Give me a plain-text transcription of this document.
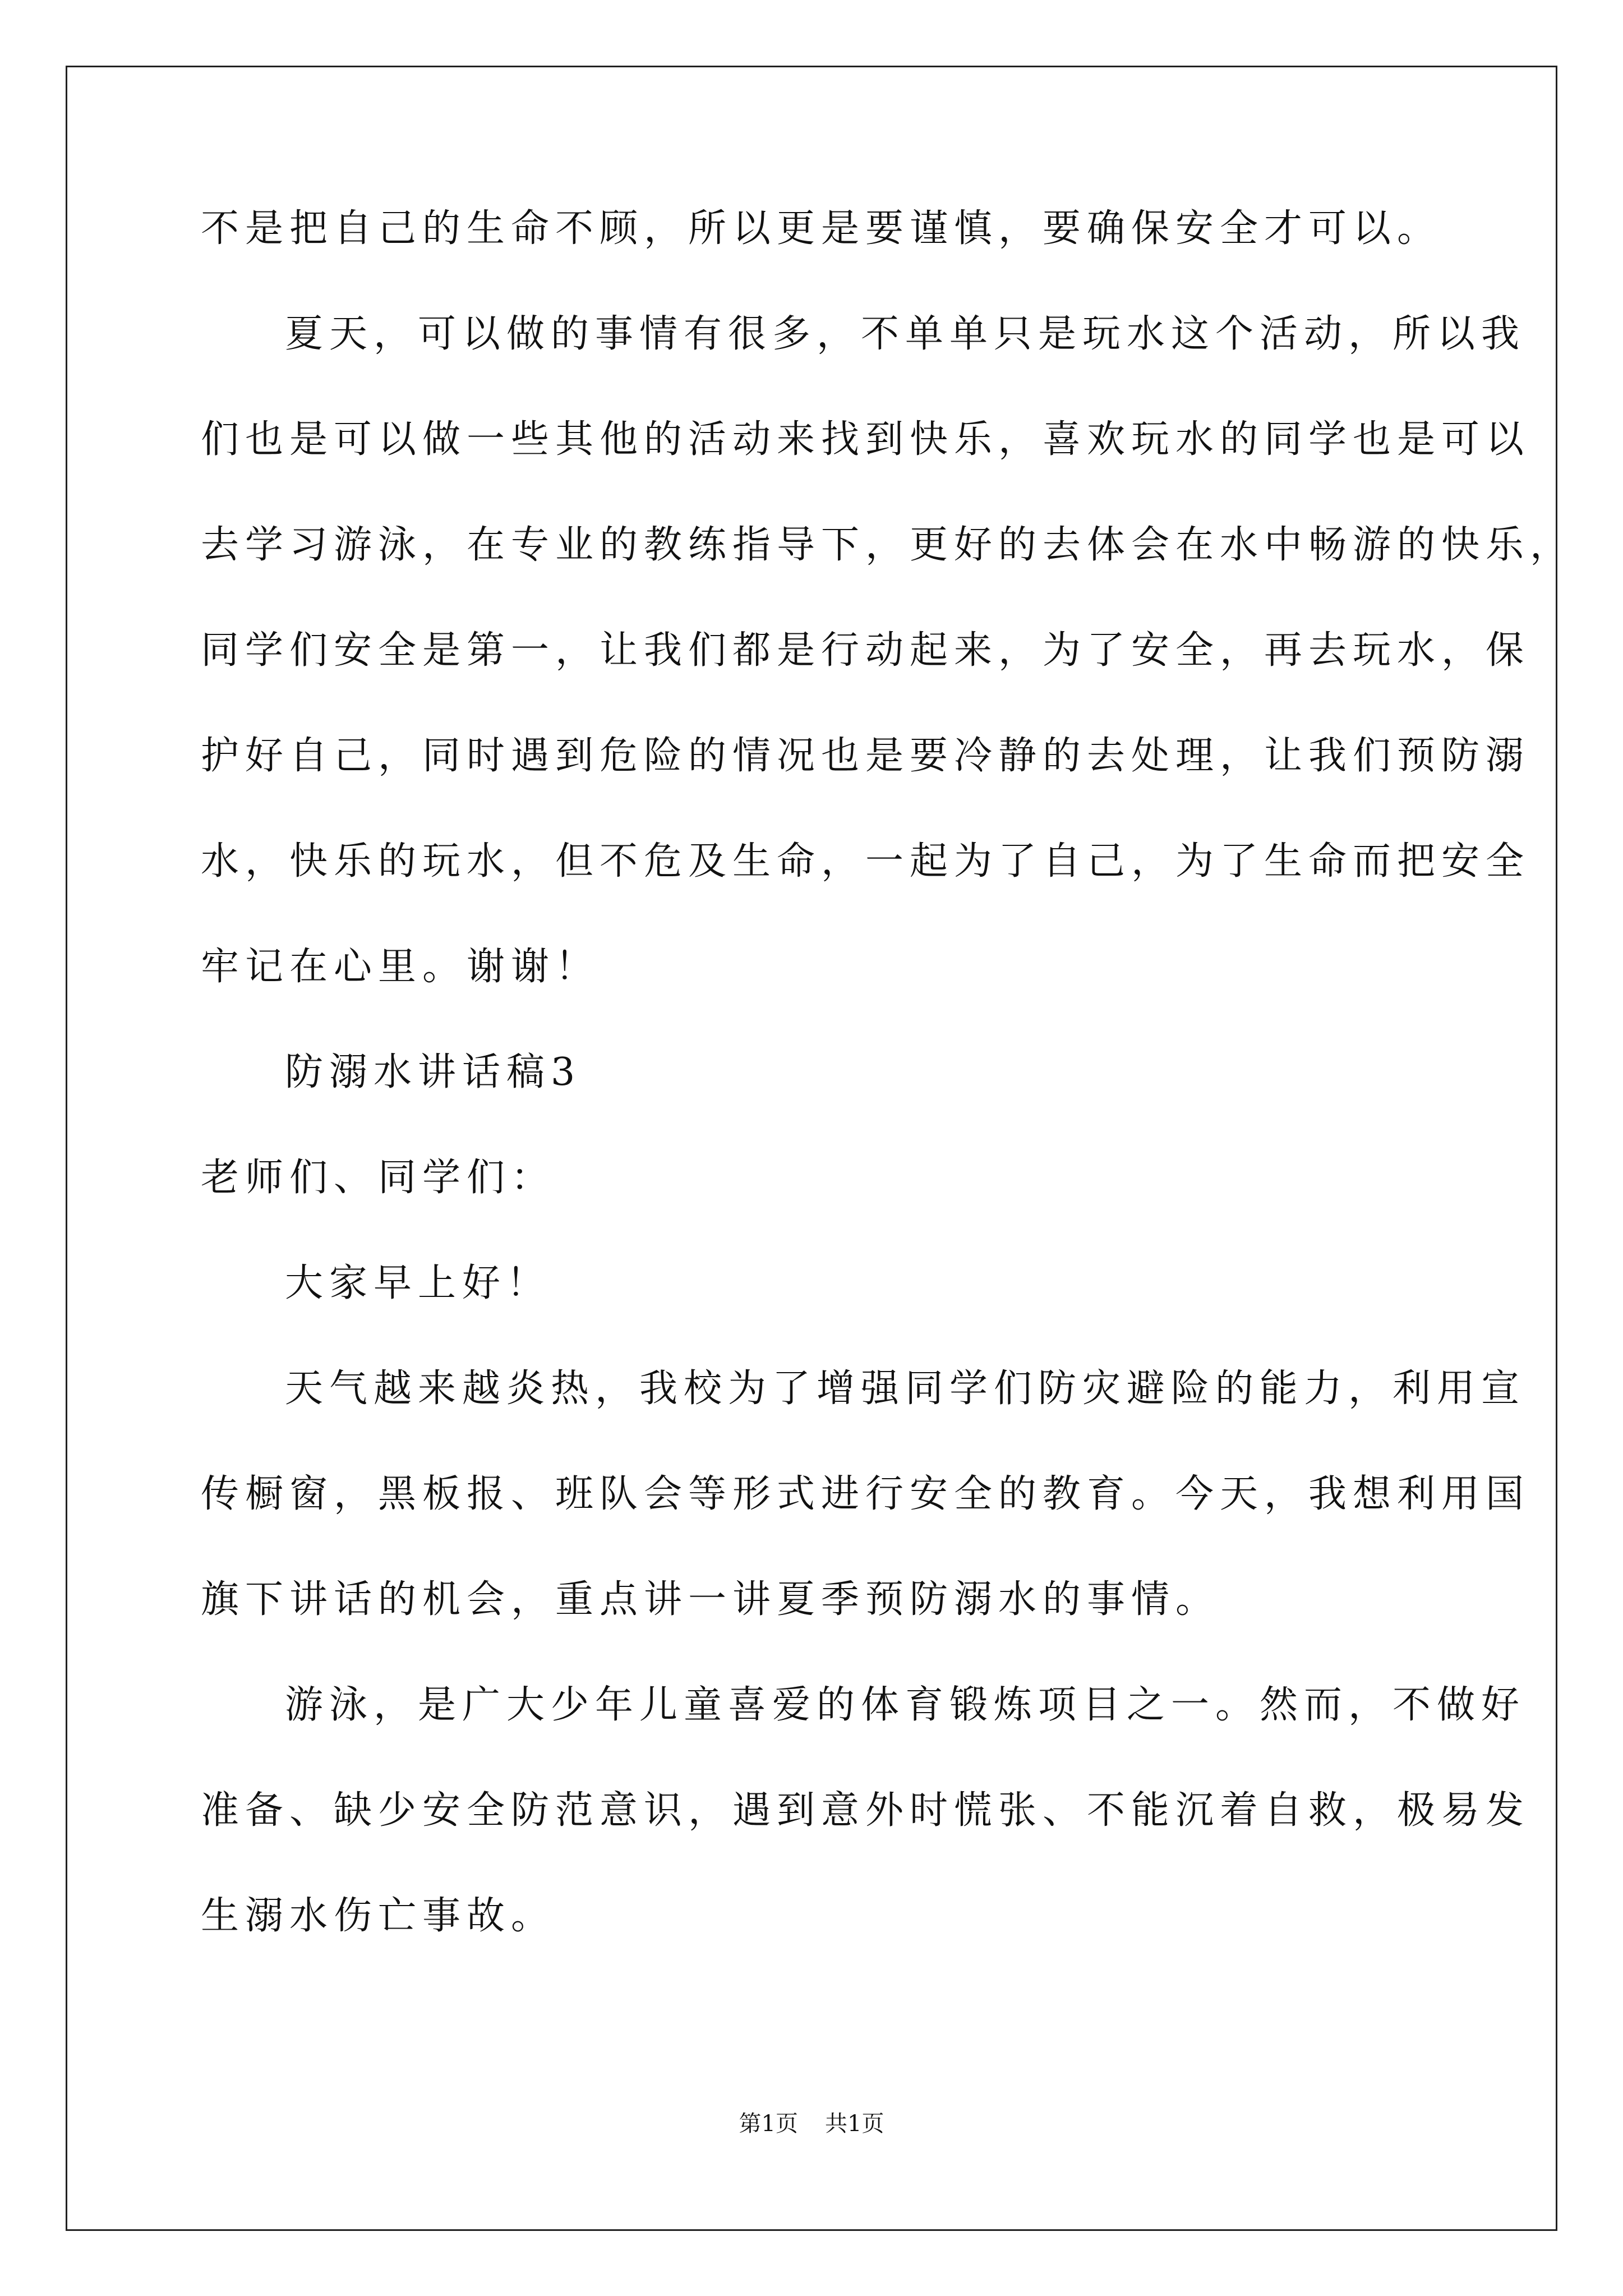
不是把自己的生命不顾，所以更是要谨慎，要确保安全才可以。
夏天，可以做的事情有很多，不单单只是玩水这个活动，所以我
们也是可以做一些其他的活动来找到快乐，喜欢玩水的同学也是可以
去学习游泳，在专业的教练指导下，更好的去体会在水中畅游的快乐，
同学们安全是第一，让我们都是行动起来，为了安全，再去玩水，保
护好自己，同时遇到危险的情况也是要冷静的去处理，让我们预防溺
水，快乐的玩水，但不危及生命，一起为了自己，为了生命而把安全
牢记在心里。谢谢！
防溺水讲话稿3
老师们、同学们：
大家早上好！
天气越来越炎热，我校为了增强同学们防灾避险的能力，利用宣
传橱窗，黑板报、班队会等形式进行安全的教育。今天，我想利用国
旗下讲话的机会，重点讲一讲夏季预防溺水的事情。
游泳，是广大少年儿童喜爱的体育锻炼项目之一。然而，不做好
准备、缺少安全防范意识，遇到意外时慌张、不能沉着自救，极易发
生溺水伤亡事故。
第1页 共1页
